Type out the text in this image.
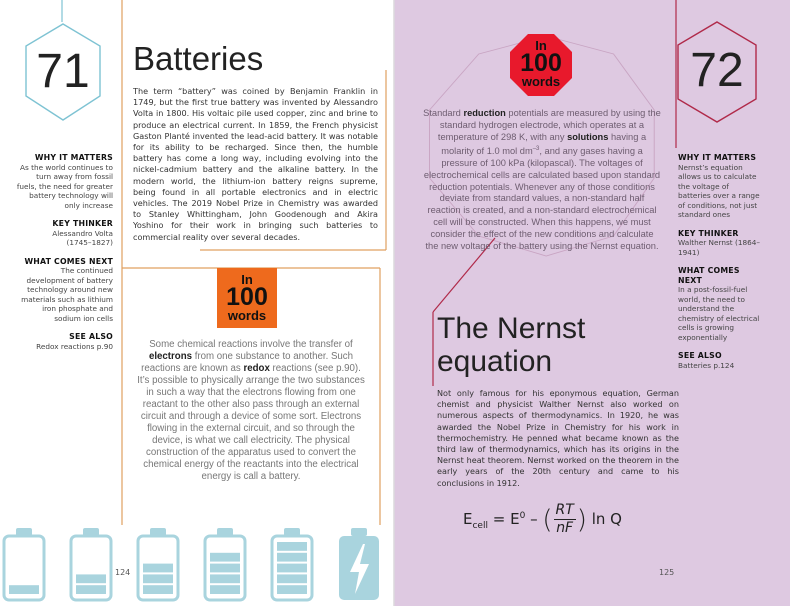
71	Batteries
The term “battery” was coined by Benjamin Franklin in 1749, but the first true battery was invented by Alessandro Volta in 1800. His voltaic pile used copper, zinc and brine to produce an electrical current. In 1859, the French physicist Gaston Planté invented the lead-acid battery. It was notable for its ability to be recharged. Since then, the humble battery has come a long way, including evolving into the nickel-cadmium battery and the alkaline battery. In the modern world, the lithium-ion battery reigns supreme, being found in all portable electronics and in electric vehicles. The 2019 Nobel Prize in Chemistry was awarded to Stanley Whittingham, John Goodenough and Akira Yoshino for their work in bringing such batteries to commercial reality over several decades.
WHY IT MATTERS
As the world continues to turn away from fossil fuels, the need for greater battery technology will only increase
KEY THINKER
Alessandro Volta (1745–1827)
WHAT COMES NEXT
The continued development of battery technology around new materials such as lithium iron phosphate and sodium ion cells
SEE ALSO
Redox reactions p.90
In
100
words
Some chemical reactions involve the transfer of electrons from one substance to another. Such reactions are known as redox reactions (see p.90). It’s possible to physically arrange the two substances in such a way that the electrons flowing from one reactant to the other also pass through an external circuit and through a device of some sort. Electrons flowing in the external circuit, and so through the device, is what we call electricity. The physical construction of the apparatus used to convert the chemical energy of the reactants into the electrical energy is call a battery.
124
72
In
100
words
Standard reduction potentials are measured by using the standard hydrogen electrode, which operates at a temperature of 298 K, with any solutions having a molarity of 1.0 mol $dm^{-3}$, and any gases having a pressure of 100 kPa (kilopascal). The voltages of electrochemical cells are calculated based upon standard reduction potentials. Whenever any of those conditions deviate from standard values, a non-standard half reaction is created, and a non-standard electrochemical cell will be constructed. When this happens, we must consider the effect of the new conditions and calculate the new voltage of the battery using the Nernst equation.
The Nernst
equation
Not only famous for his eponymous equation, German chemist and physicist Walther Nernst also worked on numerous aspects of thermodynamics. In 1920, he was awarded the Nobel Prize in Chemistry for his work in thermochemistry. He penned what became known as the third law of thermodynamics, which has its origins in the Nernst heat theorem. Nernst worked on the theorem in the early years of the 20th century and came to his conclusions in 1912.
$E_{cell} = E^0$ – ( $\frac{RT}{nF}$ ) ln Q
WHY IT MATTERS
Nernst’s equation allows us to calculate the voltage of batteries over a range of conditions, not just standard ones
KEY THINKER
Walther Nernst (1864–1941)
WHAT COMES NEXT
In a post-fossil-fuel world, the need to understand the chemistry of electrical cells is growing exponentially
SEE ALSO
Batteries p.124
125
